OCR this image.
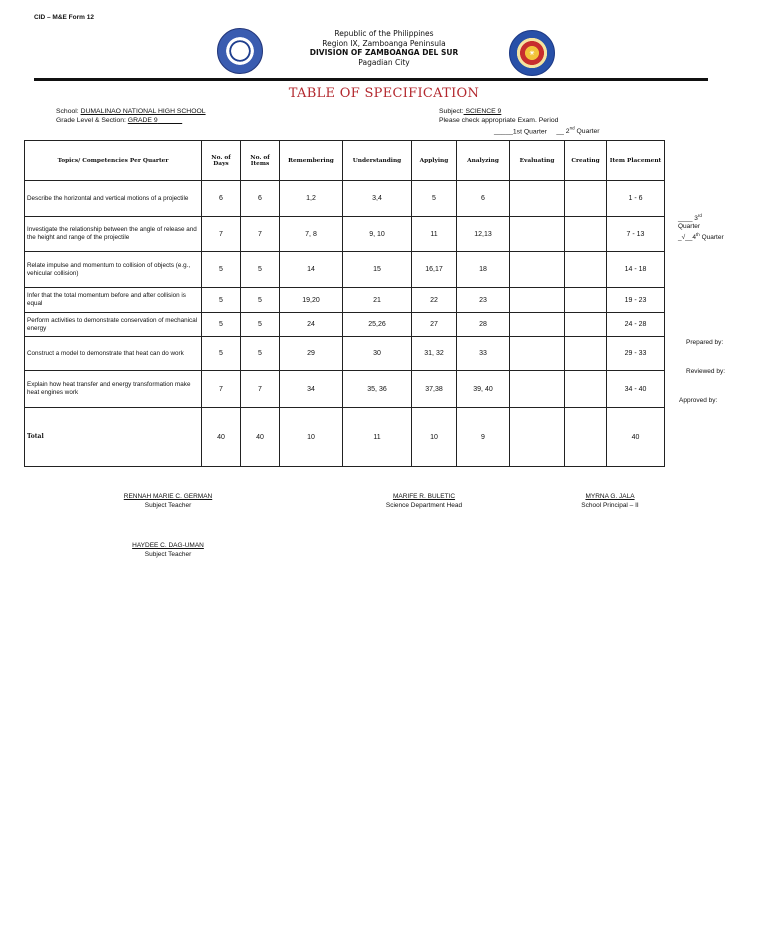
CID – M&E Form 12
★	☀
Republic of the Philippines
Region IX, Zamboanga Peninsula
DIVISION OF ZAMBOANGA DEL SUR
Pagadian City
TABLE OF SPECIFICATION
School: DUMALINAO NATIONAL HIGH SCHOOL
Grade Level & Section: GRADE 9
Subject: SCIENCE 9
Please check appropriate Exam. Period
_____1st Quarter __ 2nd Quarter
Topics/ Competencies Per Quarter	No. of Days	No. of Items	Remembering	Understanding	Applying	Analyzing	Evaluating	Creating	Item Placement
Describe the horizontal and vertical motions of a projectile	6	6	1,2	3,4	5	6			1 - 6
Investigate the relationship between the angle of release and the height and range of the projectile	7	7	7, 8	9, 10	11	12,13			7 - 13
Relate impulse and momentum to collision of objects (e.g., vehicular collision)	5	5	14	15	16,17	18			14 - 18
Infer that the total momentum before and after collision is equal	5	5	19,20	21	22	23			19 - 23
Perform activities to demonstrate conservation of mechanical energy	5	5	24	25,26	27	28			24 - 28
Construct a model to demonstrate that heat can do work	5	5	29	30	31, 32	33			29 - 33
Explain how heat transfer and energy transformation make heat engines work	7	7	34	35, 36	37,38	39, 40			34 - 40
Total	40	40	10	11	10	9			40
____ 3rd
Quarter
_√__4th Quarter
Prepared by:
Reviewed by:
Approved by:
RENNAH MARIE C. GERMAN
Subject Teacher
MARIFE R. BULETIC
Science Department Head
MYRNA G. JALA
School Principal – II
HAYDEE C. DAG-UMAN
Subject Teacher
